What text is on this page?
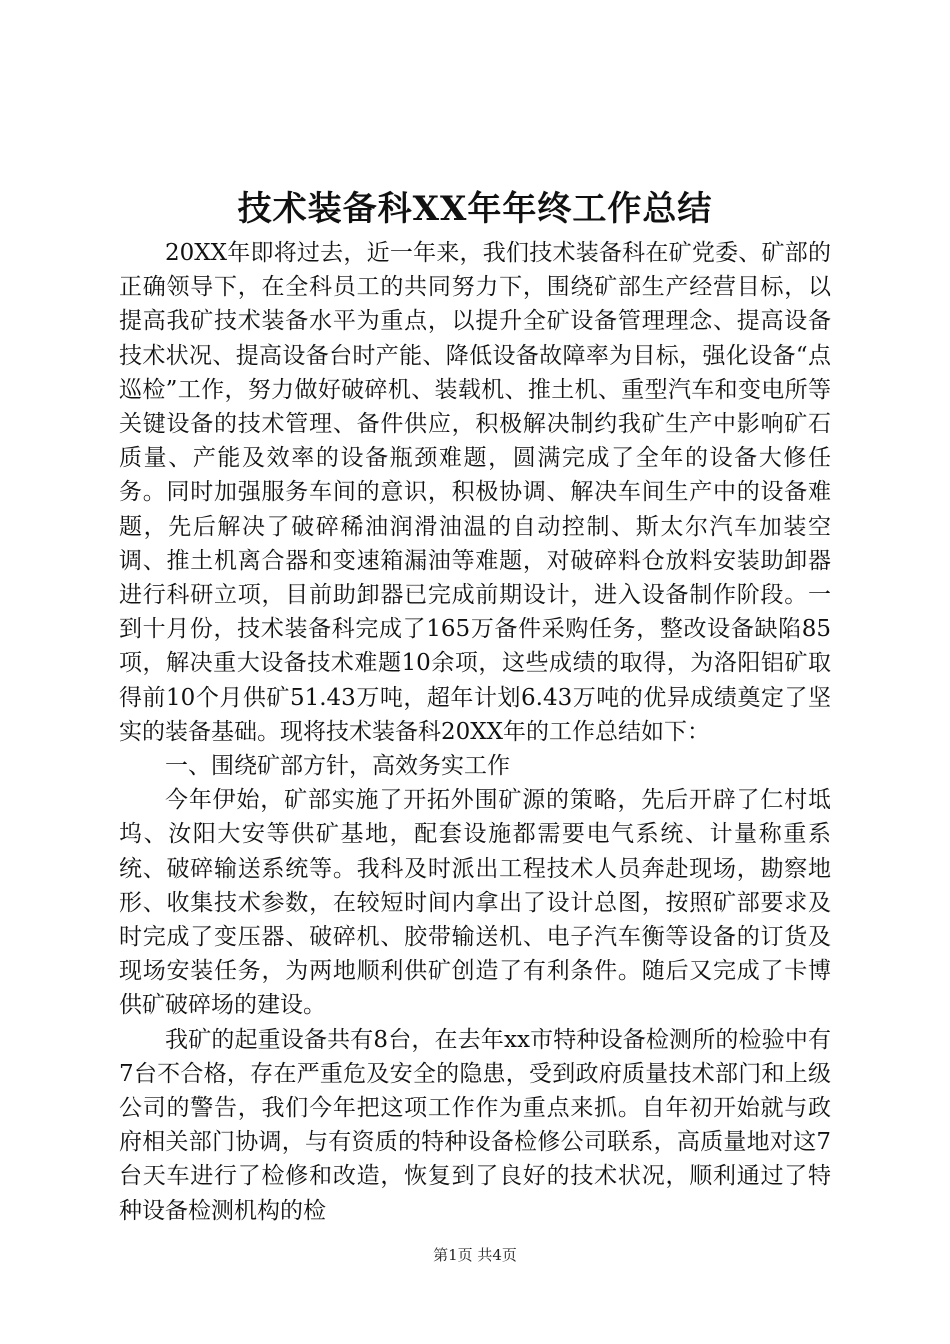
技术装备科XX年年终工作总结

20XX年即将过去，近一年来，我们技术装备科在矿党委、矿部的正确领导下，在全科员工的共同努力下，围绕矿部生产经营目标，以提高我矿技术装备水平为重点，以提升全矿设备管理理念、提高设备技术状况、提高设备台时产能、降低设备故障率为目标，强化设备“点巡检”工作，努力做好破碎机、装载机、推土机、重型汽车和变电所等关键设备的技术管理、备件供应，积极解决制约我矿生产中影响矿石质量、产能及效率的设备瓶颈难题，圆满完成了全年的设备大修任务。同时加强服务车间的意识，积极协调、解决车间生产中的设备难题，先后解决了破碎稀油润滑油温的自动控制、斯太尔汽车加装空调、推土机离合器和变速箱漏油等难题，对破碎料仓放料安装助卸器进行科研立项，目前助卸器已完成前期设计，进入设备制作阶段。一到十月份，技术装备科完成了165万备件采购任务，整改设备缺陷85项，解决重大设备技术难题10余项，这些成绩的取得，为洛阳铝矿取得前10个月供矿51.43万吨，超年计划6.43万吨的优异成绩奠定了坚实的装备基础。现将技术装备科20XX年的工作总结如下：

一、围绕矿部方针，高效务实工作

今年伊始，矿部实施了开拓外围矿源的策略，先后开辟了仁村坻坞、汝阳大安等供矿基地，配套设施都需要电气系统、计量称重系统、破碎输送系统等。我科及时派出工程技术人员奔赴现场，勘察地形、收集技术参数，在较短时间内拿出了设计总图，按照矿部要求及时完成了变压器、破碎机、胶带输送机、电子汽车衡等设备的订货及现场安装任务，为两地顺利供矿创造了有利条件。随后又完成了卡博供矿破碎场的建设。

我矿的起重设备共有8台，在去年xx市特种设备检测所的检验中有7台不合格，存在严重危及安全的隐患，受到政府质量技术部门和上级公司的警告，我们今年把这项工作作为重点来抓。自年初开始就与政府相关部门协调，与有资质的特种设备检修公司联系，高质量地对这7台天车进行了检修和改造，恢复到了良好的技术状况，顺利通过了特种设备检测机构的检

第1页 共4页
